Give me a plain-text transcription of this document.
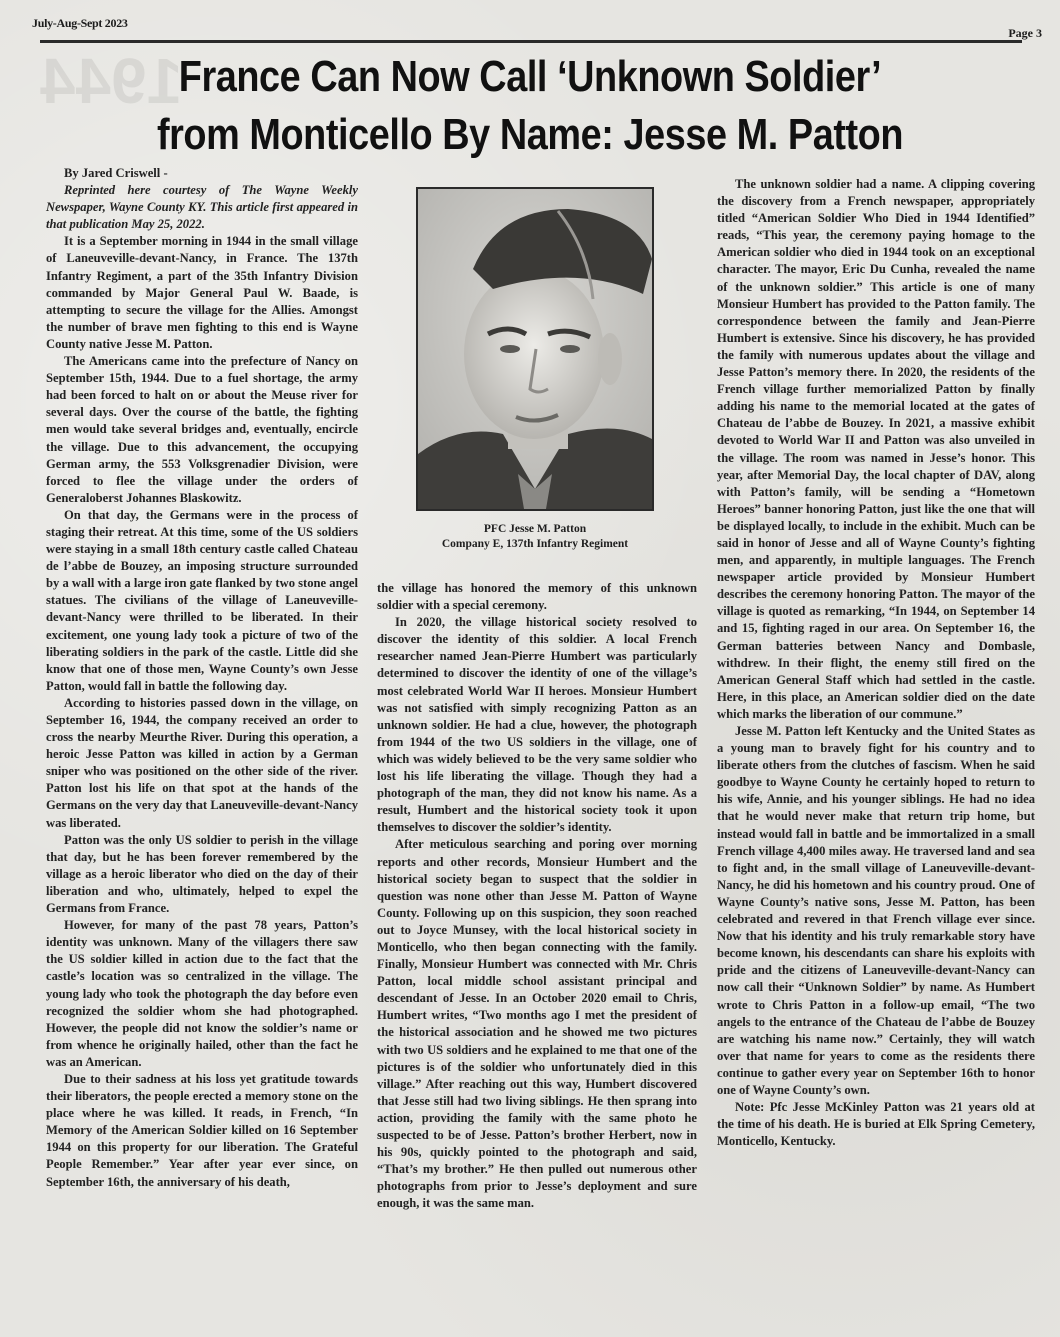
1944
July-Aug-Sept 2023
Page 3
France Can Now Call ‘Unknown Soldier’
from Monticello By Name: Jesse M. Patton

By Jared Criswell -

Reprinted here courtesy of The Wayne Weekly Newspaper, Wayne County KY. This article first appeared in that publication May 25, 2022.

It is a September morning in 1944 in the small village of Laneuveville-devant-Nancy, in France. The 137th Infantry Regiment, a part of the 35th Infantry Division commanded by Major General Paul W. Baade, is attempting to secure the village for the Allies. Amongst the number of brave men fighting to this end is Wayne County native Jesse M. Patton.

The Americans came into the prefecture of Nancy on September 15th, 1944. Due to a fuel shortage, the army had been forced to halt on or about the Meuse river for several days. Over the course of the battle, the fighting men would take several bridges and, eventually, encircle the village. Due to this advancement, the occupying German army, the 553 Volksgrenadier Division, were forced to flee the village under the orders of Generaloberst Johannes Blaskowitz.

On that day, the Germans were in the process of staging their retreat. At this time, some of the US soldiers were staying in a small 18th century castle called Chateau de l’abbe de Bouzey, an imposing structure surrounded by a wall with a large iron gate flanked by two stone angel statues. The civilians of the village of Laneuveville-devant-Nancy were thrilled to be liberated. In their excitement, one young lady took a picture of two of the liberating soldiers in the park of the castle. Little did she know that one of those men, Wayne County’s own Jesse Patton, would fall in battle the following day.

According to histories passed down in the village, on September 16, 1944, the company received an order to cross the nearby Meurthe River. During this operation, a heroic Jesse Patton was killed in action by a German sniper who was positioned on the other side of the river. Patton lost his life on that spot at the hands of the Germans on the very day that Laneuveville-devant-Nancy was liberated.

Patton was the only US soldier to perish in the village that day, but he has been forever remembered by the village as a heroic liberator who died on the day of their liberation and who, ultimately, helped to expel the Germans from France.

However, for many of the past 78 years, Patton’s identity was unknown. Many of the villagers there saw the US soldier killed in action due to the fact that the castle’s location was so centralized in the village. The young lady who took the photograph the day before even recognized the soldier whom she had photographed. However, the people did not know the soldier’s name or from whence he originally hailed, other than the fact he was an American.

Due to their sadness at his loss yet gratitude towards their liberators, the people erected a memory stone on the place where he was killed. It reads, in French, “In Memory of the American Soldier killed on 16 September 1944 on this property for our liberation. The Grateful People Remember.” Year after year ever since, on September 16th, the anniversary of his death,

PFC Jesse M. Patton
Company E, 137th Infantry Regiment

the village has honored the memory of this unknown soldier with a special ceremony.

In 2020, the village historical society resolved to discover the identity of this soldier. A local French researcher named Jean-Pierre Humbert was particularly determined to discover the identity of one of the village’s most celebrated World War II heroes. Monsieur Humbert was not satisfied with simply recognizing Patton as an unknown soldier. He had a clue, however, the photograph from 1944 of the two US soldiers in the village, one of which was widely believed to be the very same soldier who lost his life liberating the village. Though they had a photograph of the man, they did not know his name. As a result, Humbert and the historical society took it upon themselves to discover the soldier’s identity.

After meticulous searching and poring over morning reports and other records, Monsieur Humbert and the historical society began to suspect that the soldier in question was none other than Jesse M. Patton of Wayne County. Following up on this suspicion, they soon reached out to Joyce Munsey, with the local historical society in Monticello, who then began connecting with the family. Finally, Monsieur Humbert was connected with Mr. Chris Patton, local middle school assistant principal and descendant of Jesse. In an October 2020 email to Chris, Humbert writes, “Two months ago I met the president of the historical association and he showed me two pictures with two US soldiers and he explained to me that one of the pictures is of the soldier who unfortunately died in this village.” After reaching out this way, Humbert discovered that Jesse still had two living siblings. He then sprang into action, providing the family with the same photo he suspected to be of Jesse. Patton’s brother Herbert, now in his 90s, quickly pointed to the photograph and said, “That’s my brother.” He then pulled out numerous other photographs from prior to Jesse’s deployment and sure enough, it was the same man.

The unknown soldier had a name. A clipping covering the discovery from a French newspaper, appropriately titled “American Soldier Who Died in 1944 Identified” reads, “This year, the ceremony paying homage to the American soldier who died in 1944 took on an exceptional character. The mayor, Eric Du Cunha, revealed the name of the unknown soldier.” This article is one of many Monsieur Humbert has provided to the Patton family. The correspondence between the family and Jean-Pierre Humbert is extensive. Since his discovery, he has provided the family with numerous updates about the village and Jesse Patton’s memory there. In 2020, the residents of the French village further memorialized Patton by finally adding his name to the memorial located at the gates of Chateau de l’abbe de Bouzey. In 2021, a massive exhibit devoted to World War II and Patton was also unveiled in the village. The room was named in Jesse’s honor. This year, after Memorial Day, the local chapter of DAV, along with Patton’s family, will be sending a “Hometown Heroes” banner honoring Patton, just like the one that will be displayed locally, to include in the exhibit. Much can be said in honor of Jesse and all of Wayne County’s fighting men, and apparently, in multiple languages. The French newspaper article provided by Monsieur Humbert describes the ceremony honoring Patton. The mayor of the village is quoted as remarking, “In 1944, on September 14 and 15, fighting raged in our area. On September 16, the German batteries between Nancy and Dombasle, withdrew. In their flight, the enemy still fired on the American General Staff which had settled in the castle. Here, in this place, an American soldier died on the date which marks the liberation of our commune.”

Jesse M. Patton left Kentucky and the United States as a young man to bravely fight for his country and to liberate others from the clutches of fascism. When he said goodbye to Wayne County he certainly hoped to return to his wife, Annie, and his younger siblings. He had no idea that he would never make that return trip home, but instead would fall in battle and be immortalized in a small French village 4,400 miles away. He traversed land and sea to fight and, in the small village of Laneuveville-devant-Nancy, he did his hometown and his country proud. One of Wayne County’s native sons, Jesse M. Patton, has been celebrated and revered in that French village ever since. Now that his identity and his truly remarkable story have become known, his descendants can share his exploits with pride and the citizens of Laneuveville-devant-Nancy can now call their “Unknown Soldier” by name. As Humbert wrote to Chris Patton in a follow-up email, “The two angels to the entrance of the Chateau de l’abbe de Bouzey are watching his name now.” Certainly, they will watch over that name for years to come as the residents there continue to gather every year on September 16th to honor one of Wayne County’s own.

Note: Pfc Jesse McKinley Patton was 21 years old at the time of his death. He is buried at Elk Spring Cemetery, Monticello, Kentucky.
